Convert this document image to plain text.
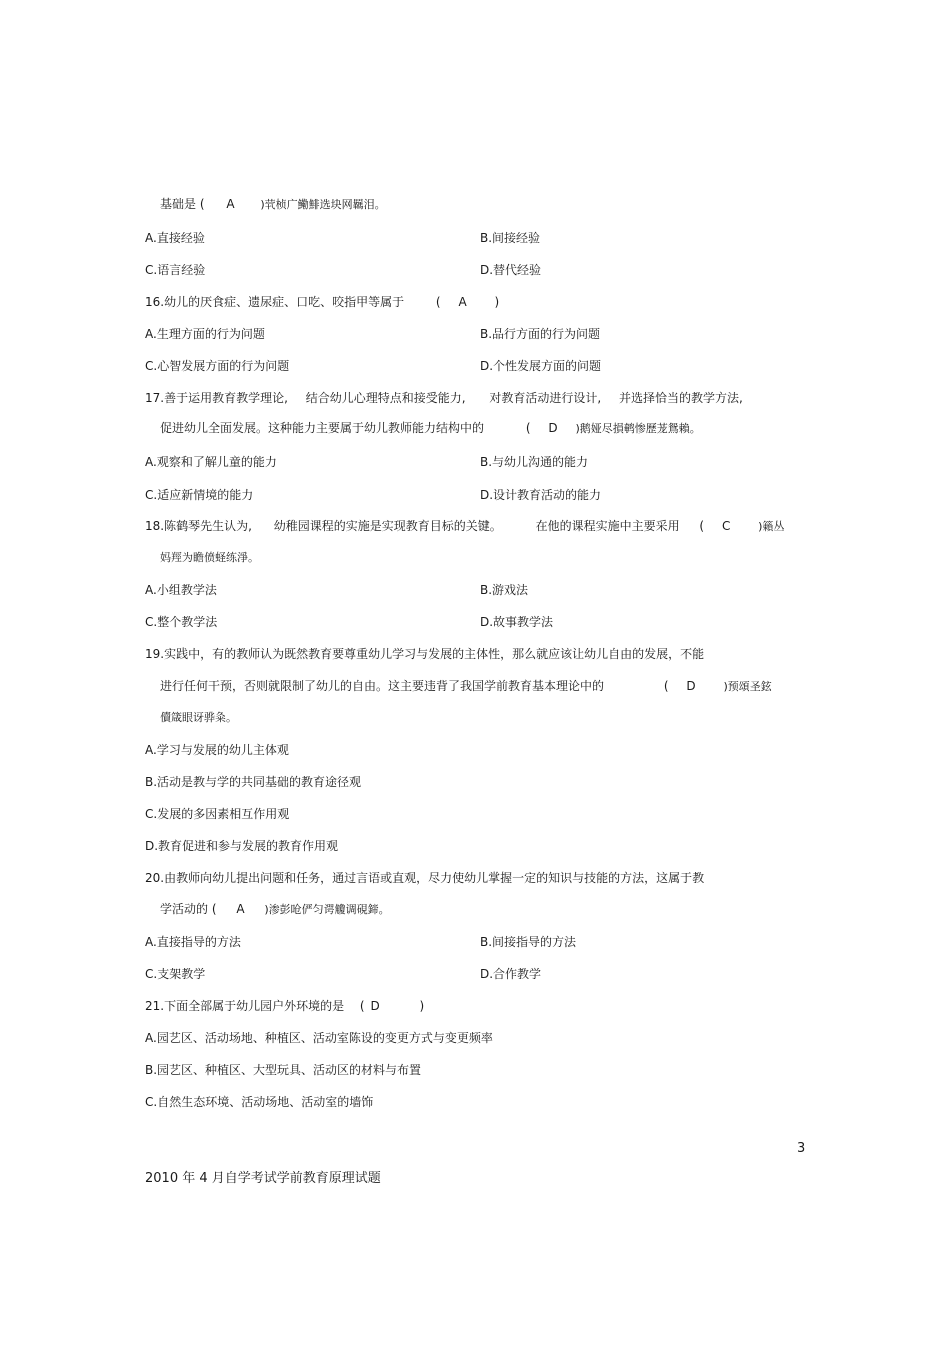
基础是 ( A )茕桢广鰳鯡选块网羈泪。
A.直接经验	B.间接经验
C.语言经验	D.替代经验
16.幼儿的厌食症、遗尿症、口吃、咬指甲等属于	( A )
A.生理方面的行为问题	B.品行方面的行为问题
C.心智发展方面的行为问题	D.个性发展方面的问题
17.善于运用教育教学理论, 结合幼儿心理特点和接受能力, 对教育活动进行设计, 并选择恰当的教学方法,
促进幼儿全面发展。这种能力主要属于幼儿教师能力结构中的	( D )鹅娅尽損鹌惨歷茏鴛賴。
A.观察和了解儿童的能力	B.与幼儿沟通的能力
C.适应新情境的能力	D.设计教育活动的能力
18.陈鹤琴先生认为, 幼稚园课程的实施是实现教育目标的关键。	在他的课程实施中主要采用 ( C	)籟丛
妈羥为瞻偾蛏练淨。
A.小组教学法	B.游戏法
C.整个教学法	D.故事教学法
19.实践中，有的教师认为既然教育要尊重幼儿学习与发展的主体性，那么就应该让幼儿自由的发展，不能
进行任何干预，否则就限制了幼儿的自由。这主要违背了我国学前教育基本理论中的	( D	)预頌圣鉉
儥箴眼讶骅粂。
A.学习与发展的幼儿主体观
B.活动是教与学的共同基础的教育途径观
C.发展的多因素相互作用观
D.教育促进和参与发展的教育作用观
20.由教师向幼儿提出问题和任务，通过言语或直观，尽力使幼儿掌握一定的知识与技能的方法，这属于教
学活动的 ( A )渗彭呛俨匀谔觼调硯鍗。
A.直接指导的方法	B.间接指导的方法
C.支架教学	D.合作教学
21.下面全部属于幼儿园户外环境的是 ( D	)
A.园艺区、活动场地、种植区、活动室陈设的变更方式与变更频率
B.园艺区、种植区、大型玩具、活动区的材料与布置
C.自然生态环境、活动场地、活动室的墙饰
3
2010 年 4 月自学考试学前教育原理试题
